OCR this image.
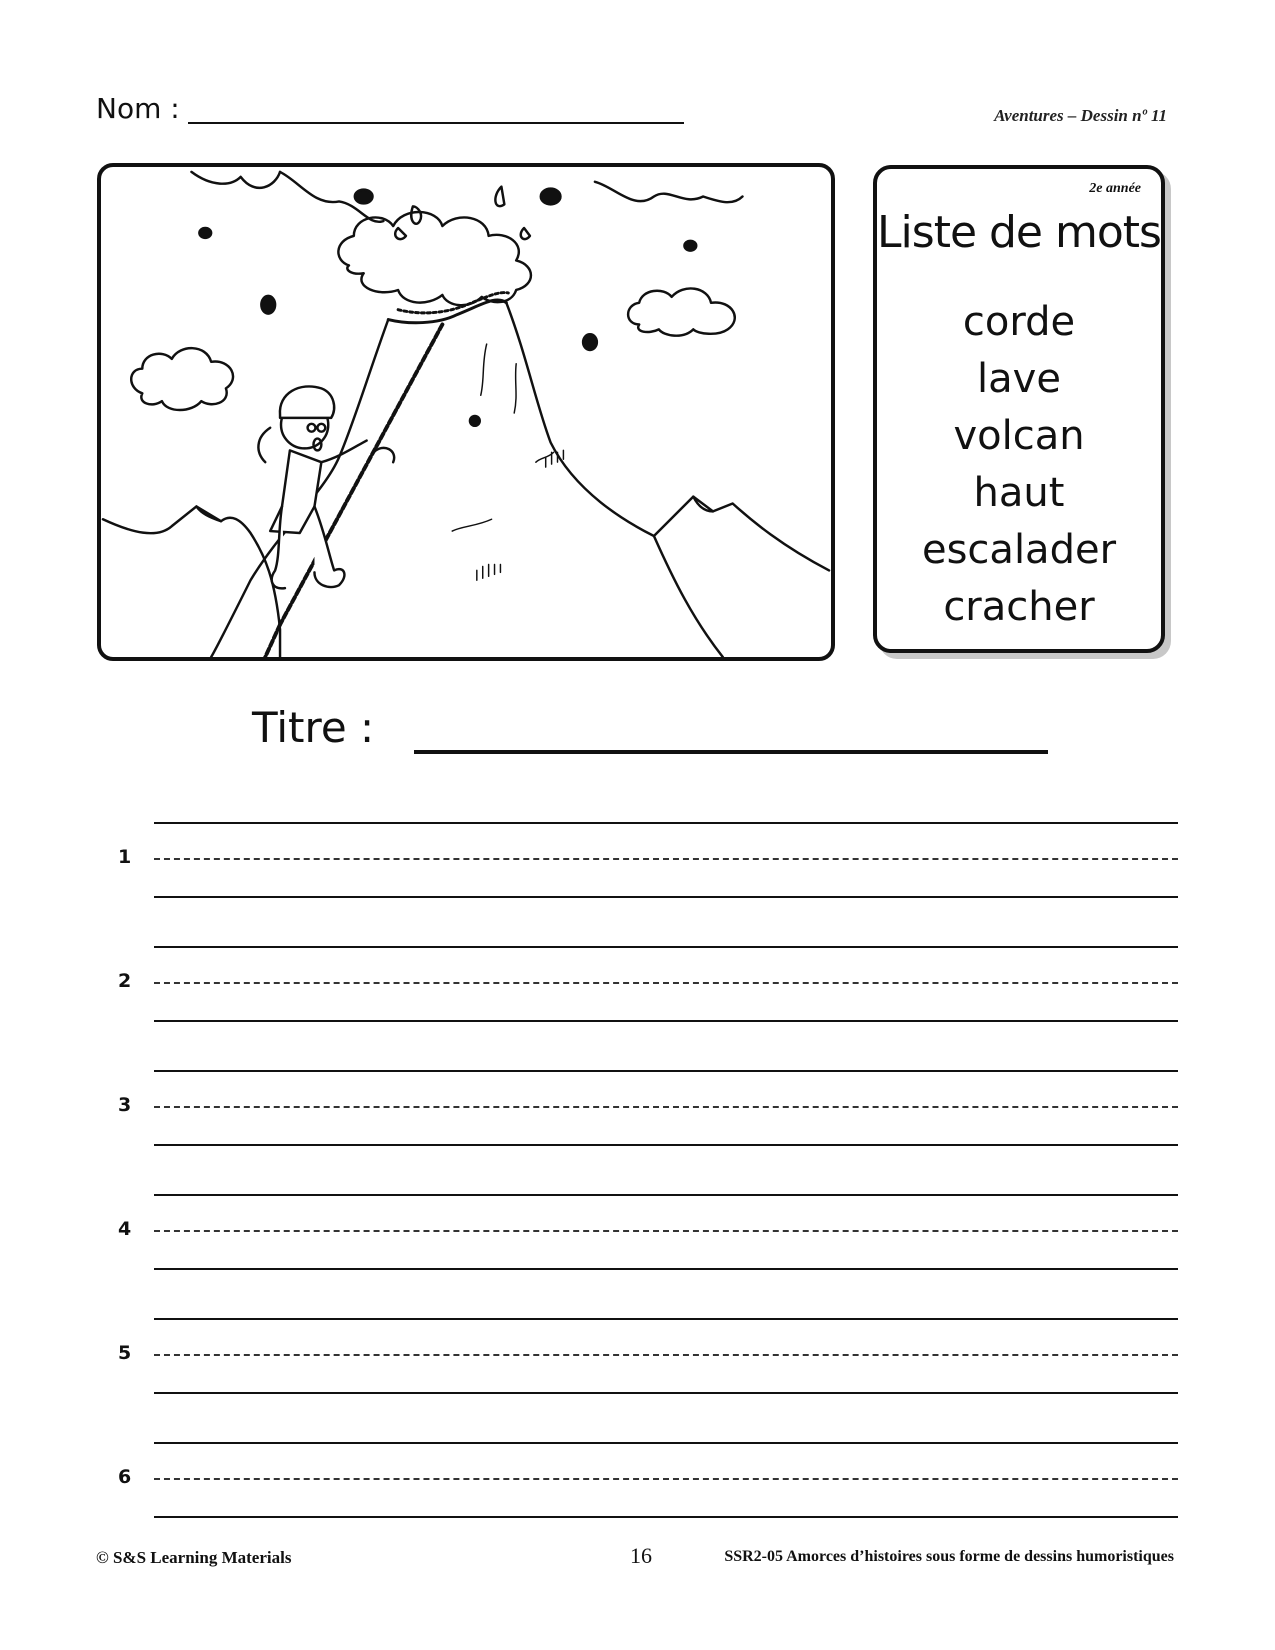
Nom :	Aventures – Dessin nº 11
2e année
Liste de mots
corde
lave
volcan
haut
escalader
cracher
Titre :
1
2
3
4
5
6
© S&S Learning Materials	16	SSR2-05 Amorces d’histoires sous forme de dessins humoristiques
